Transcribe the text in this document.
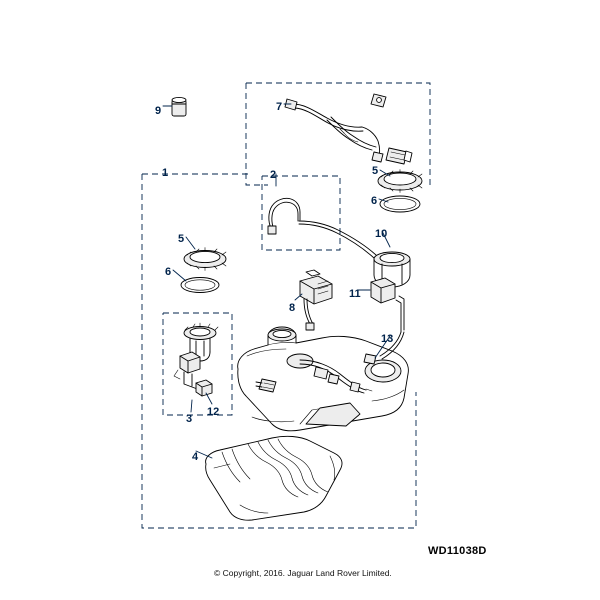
1	2
3
4
5
5
6
6
7
8
9
10
11
12
13
WD11038D
© Copyright, 2016. Jaguar Land Rover Limited.
